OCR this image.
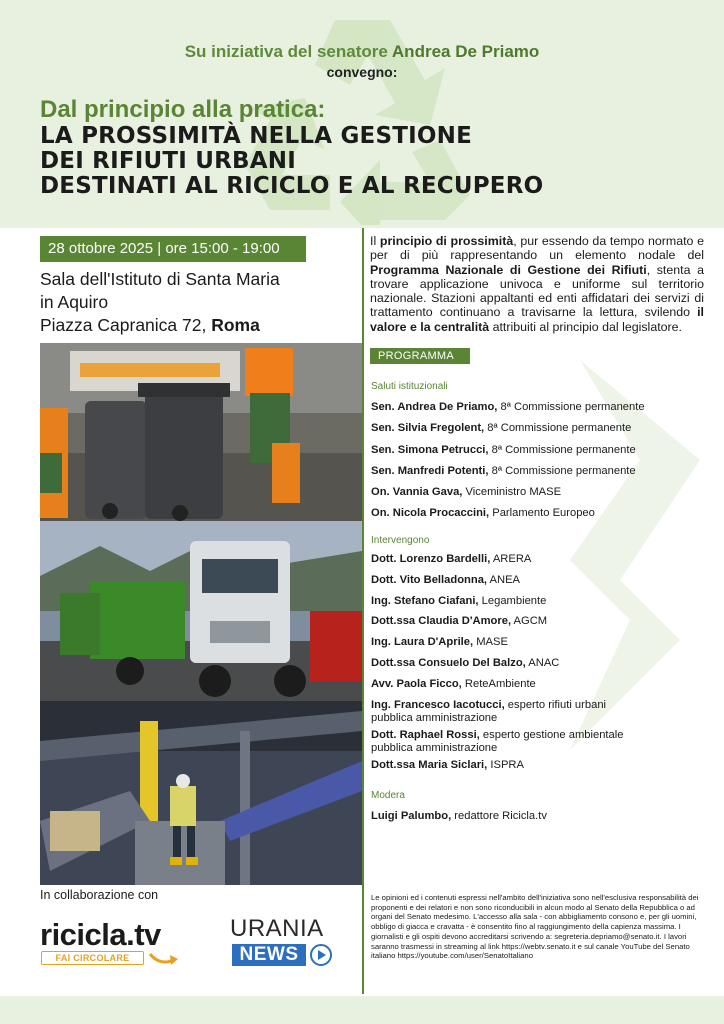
Su iniziativa del senatore Andrea De Priamo
convegno:
Dal principio alla pratica:
LA PROSSIMITÀ NELLA GESTIONE
DEI RIFIUTI URBANI
DESTINATI AL RICICLO E AL RECUPERO
28 ottobre 2025 | ore 15:00 - 19:00
Sala dell'Istituto di Santa Maria
in Aquiro
Piazza Capranica 72, Roma
Il principio di prossimità, pur essendo da tempo normato e per di più rappresentando un elemento nodale del Programma Nazionale di Gestione dei Rifiuti, stenta a trovare applicazione univoca e uniforme sul territorio nazionale. Stazioni appaltanti ed enti affidatari dei servizi di trattamento continuano a travisarne la lettura, svilendo il valore e la centralità attribuiti al principio dal legislatore.
PROGRAMMA
Saluti istituzionali
Sen. Andrea De Priamo, 8ª Commissione permanente
Sen. Silvia Fregolent, 8ª Commissione permanente
Sen. Simona Petrucci, 8ª Commissione permanente
Sen. Manfredi Potenti, 8ª Commissione permanente
On. Vannia Gava, Viceministro MASE
On. Nicola Procaccini, Parlamento Europeo
Intervengono
Dott. Lorenzo Bardelli, ARERA
Dott. Vito Belladonna, ANEA
Ing. Stefano Ciafani, Legambiente
Dott.ssa Claudia D'Amore, AGCM
Ing. Laura D'Aprile, MASE
Dott.ssa Consuelo Del Balzo, ANAC
Avv. Paola Ficco, ReteAmbiente
Ing. Francesco Iacotucci, esperto rifiuti urbani
pubblica amministrazione
Dott. Raphael Rossi, esperto gestione ambientale
pubblica amministrazione
Dott.ssa Maria Siclari, ISPRA
Modera
Luigi Palumbo, redattore Riciclа.tv
In collaborazione con
ricicla.tv
FAI CIRCOLARE
URANIA
NEWS
Le opinioni ed i contenuti espressi nell'ambito dell'iniziativa sono nell'esclusiva responsabilità dei proponenti e dei relatori e non sono riconducibili in alcun modo al Senato della Repubblica o ad organi del Senato medesimo. L'accesso alla sala - con abbigliamento consono e, per gli uomini, obbligo di giacca e cravatta - è consentito fino al raggiungimento della capienza massima. I giornalisti e gli ospiti devono accreditarsi scrivendo a: segreteria.depriamo@senato.it. I lavori saranno trasmessi in streaming al link https://webtv.senato.it e sul canale YouTube del Senato italiano https://youtube.com/user/SenatoItaliano
